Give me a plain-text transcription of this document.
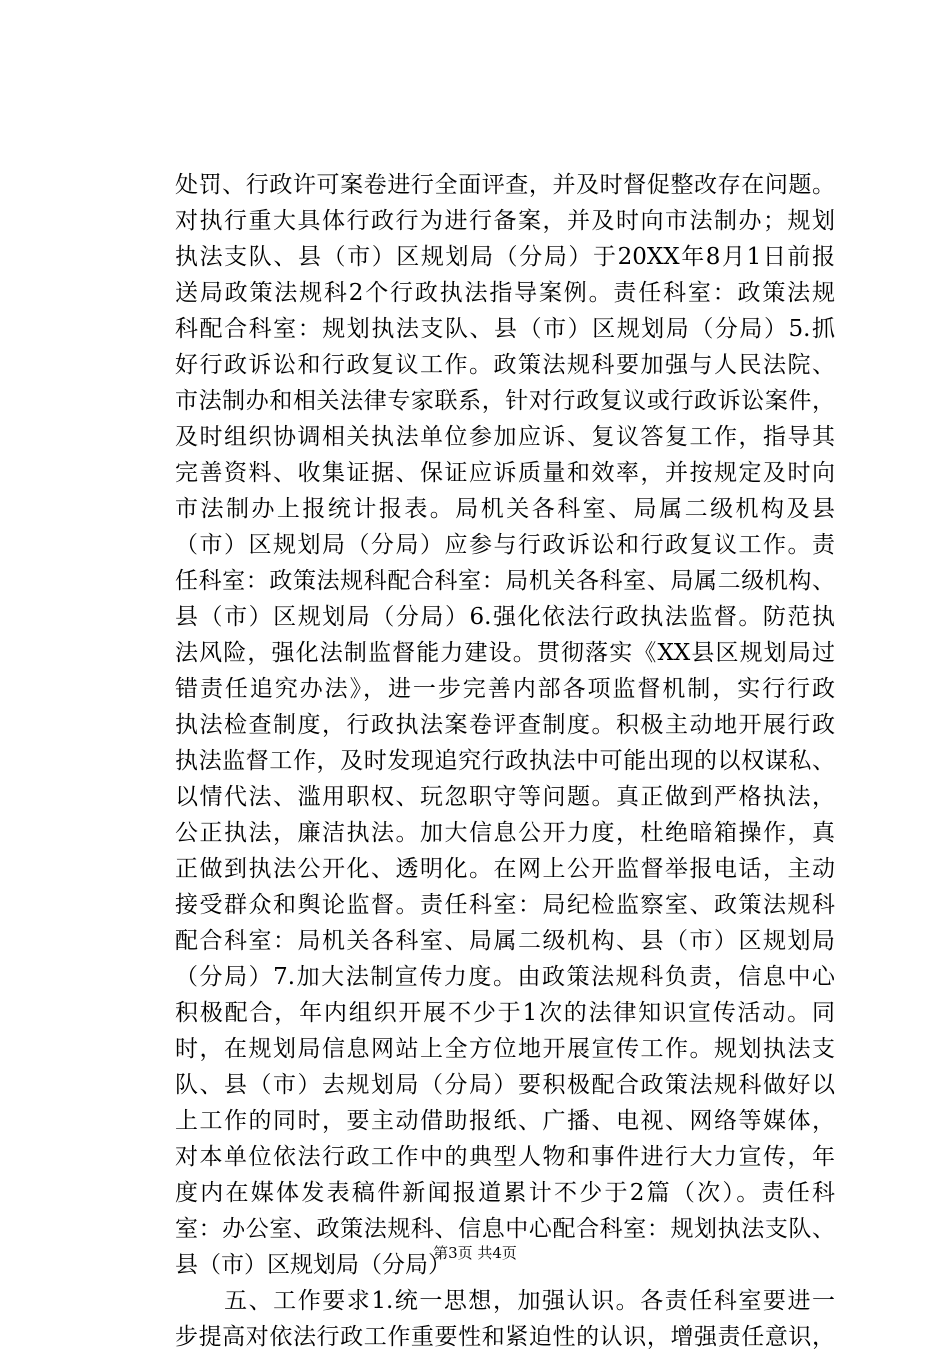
处罚、行政许可案卷进行全面评查，并及时督促整改存在问题。
对执行重大具体行政行为进行备案，并及时向市法制办；规划
执法支队、县（市）区规划局（分局）于20XX年8月1日前报
送局政策法规科2个行政执法指导案例。责任科室：政策法规
科配合科室：规划执法支队、县（市）区规划局（分局）5.抓
好行政诉讼和行政复议工作。政策法规科要加强与人民法院、
市法制办和相关法律专家联系，针对行政复议或行政诉讼案件，
及时组织协调相关执法单位参加应诉、复议答复工作，指导其
完善资料、收集证据、保证应诉质量和效率，并按规定及时向
市法制办上报统计报表。局机关各科室、局属二级机构及县
（市）区规划局（分局）应参与行政诉讼和行政复议工作。责
任科室：政策法规科配合科室：局机关各科室、局属二级机构、
县（市）区规划局（分局）6.强化依法行政执法监督。防范执
法风险，强化法制监督能力建设。贯彻落实《XX县区规划局过
错责任追究办法》，进一步完善内部各项监督机制，实行行政
执法检查制度，行政执法案卷评查制度。积极主动地开展行政
执法监督工作，及时发现追究行政执法中可能出现的以权谋私、
以情代法、滥用职权、玩忽职守等问题。真正做到严格执法，
公正执法，廉洁执法。加大信息公开力度，杜绝暗箱操作，真
正做到执法公开化、透明化。在网上公开监督举报电话，主动
接受群众和舆论监督。责任科室：局纪检监察室、政策法规科
配合科室：局机关各科室、局属二级机构、县（市）区规划局
（分局）7.加大法制宣传力度。由政策法规科负责，信息中心
积极配合，年内组织开展不少于1次的法律知识宣传活动。同
时，在规划局信息网站上全方位地开展宣传工作。规划执法支
队、县（市）去规划局（分局）要积极配合政策法规科做好以
上工作的同时，要主动借助报纸、广播、电视、网络等媒体，
对本单位依法行政工作中的典型人物和事件进行大力宣传，年
度内在媒体发表稿件新闻报道累计不少于2篇（次）。责任科
室：办公室、政策法规科、信息中心配合科室：规划执法支队、
县（市）区规划局（分局）
　　五、工作要求1.统一思想，加强认识。各责任科室要进一
步提高对依法行政工作重要性和紧迫性的认识，增强责任意识，
第3页 共4页
